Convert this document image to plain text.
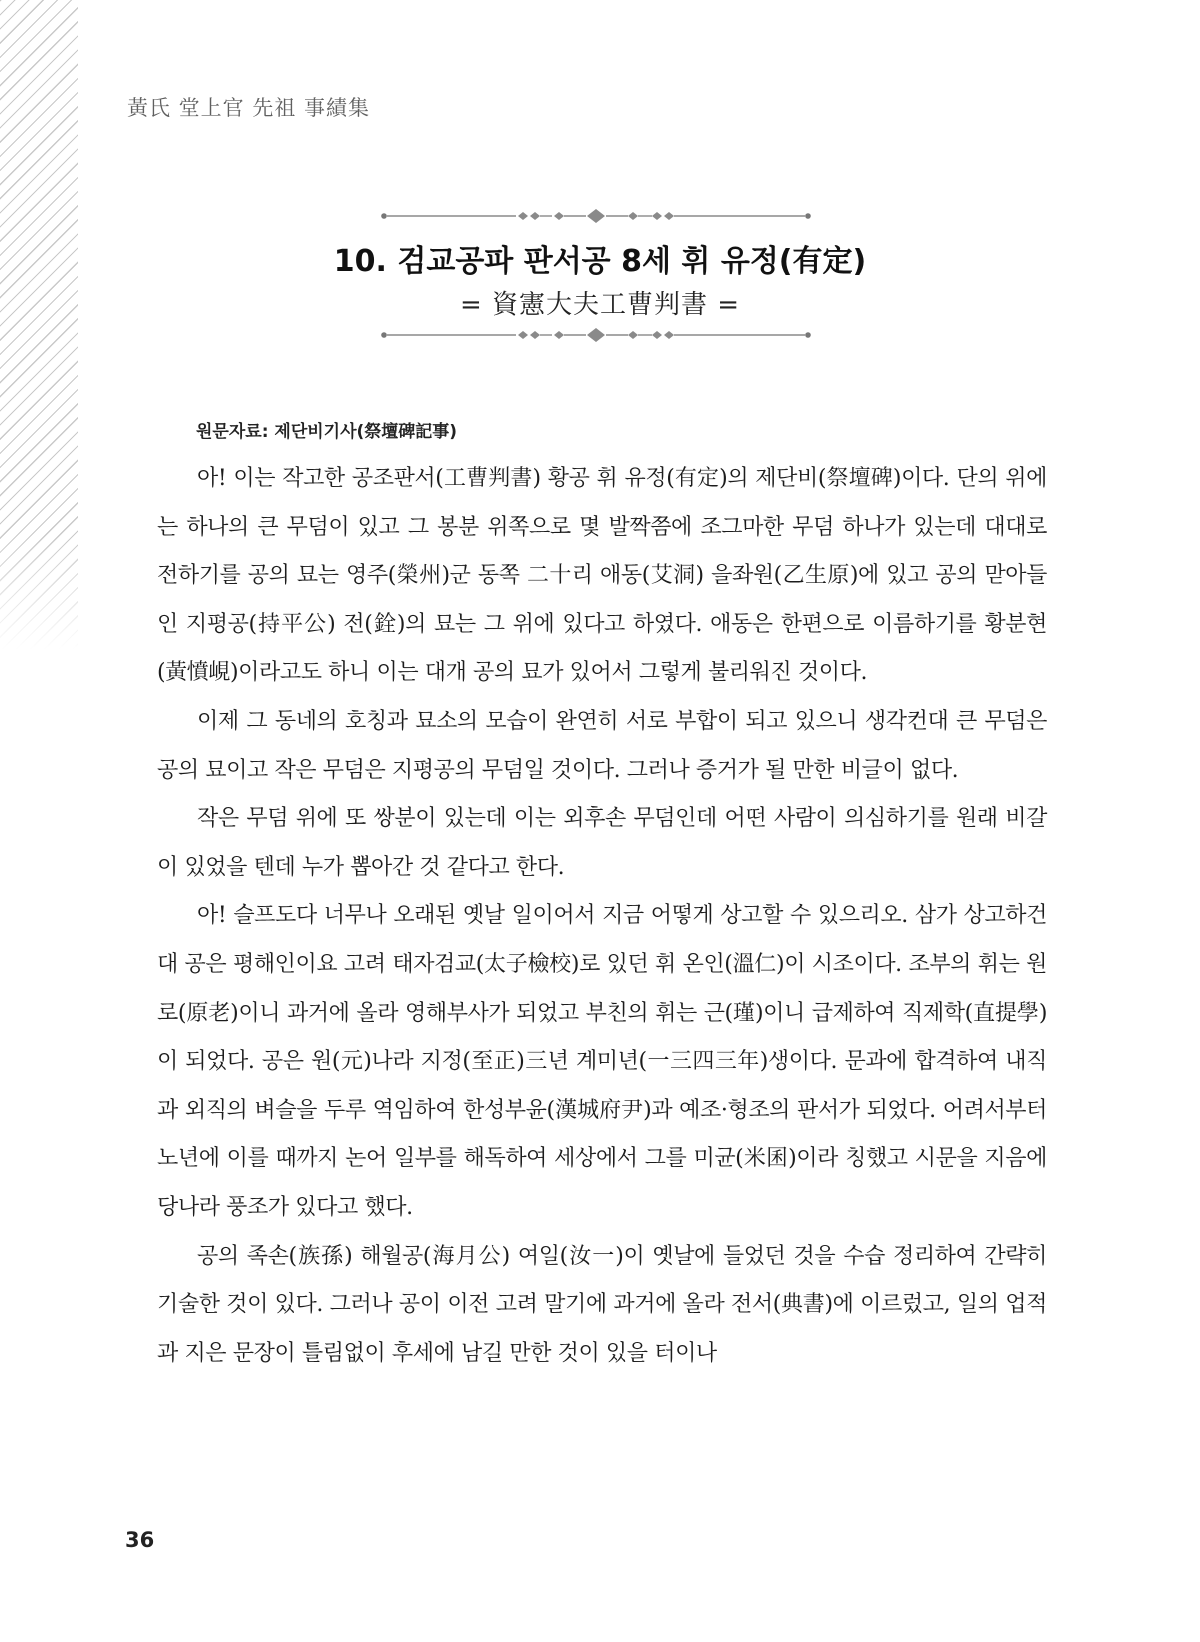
黃氏 堂上官 先祖 事績集
10. 검교공파 판서공 8세 휘 유정(有定)
= 資憲大夫工曹判書 =
원문자료: 제단비기사(祭壇碑記事)

아! 이는 작고한 공조판서(工曹判書) 황공 휘 유정(有定)의 제단비(祭壇碑)이다. 단의 위에는 하나의 큰 무덤이 있고 그 봉분 위쪽으로 몇 발짝쯤에 조그마한 무덤 하나가 있는데 대대로 전하기를 공의 묘는 영주(榮州)군 동쪽 二十리 애동(艾洞) 을좌원(乙生原)에 있고 공의 맏아들인 지평공(持平公) 전(銓)의 묘는 그 위에 있다고 하였다. 애동은 한편으로 이름하기를 황분현(黃憤峴)이라고도 하니 이는 대개 공의 묘가 있어서 그렇게 불리워진 것이다.

이제 그 동네의 호칭과 묘소의 모습이 완연히 서로 부합이 되고 있으니 생각컨대 큰 무덤은 공의 묘이고 작은 무덤은 지평공의 무덤일 것이다. 그러나 증거가 될 만한 비글이 없다.

작은 무덤 위에 또 쌍분이 있는데 이는 외후손 무덤인데 어떤 사람이 의심하기를 원래 비갈이 있었을 텐데 누가 뽑아간 것 같다고 한다.

아! 슬프도다 너무나 오래된 옛날 일이어서 지금 어떻게 상고할 수 있으리오. 삼가 상고하건대 공은 평해인이요 고려 태자검교(太子檢校)로 있던 휘 온인(溫仁)이 시조이다. 조부의 휘는 원로(原老)이니 과거에 올라 영해부사가 되었고 부친의 휘는 근(瑾)이니 급제하여 직제학(直提學)이 되었다. 공은 원(元)나라 지정(至正)三년 계미년(一三四三年)생이다. 문과에 합격하여 내직과 외직의 벼슬을 두루 역임하여 한성부윤(漢城府尹)과 예조·형조의 판서가 되었다. 어려서부터 노년에 이를 때까지 논어 일부를 해독하여 세상에서 그를 미균(米囷)이라 칭했고 시문을 지음에 당나라 풍조가 있다고 했다.

공의 족손(族孫) 해월공(海月公) 여일(汝一)이 옛날에 들었던 것을 수습 정리하여 간략히 기술한 것이 있다. 그러나 공이 이전 고려 말기에 과거에 올라 전서(典書)에 이르렀고, 일의 업적과 지은 문장이 틀림없이 후세에 남길 만한 것이 있을 터이나

36
